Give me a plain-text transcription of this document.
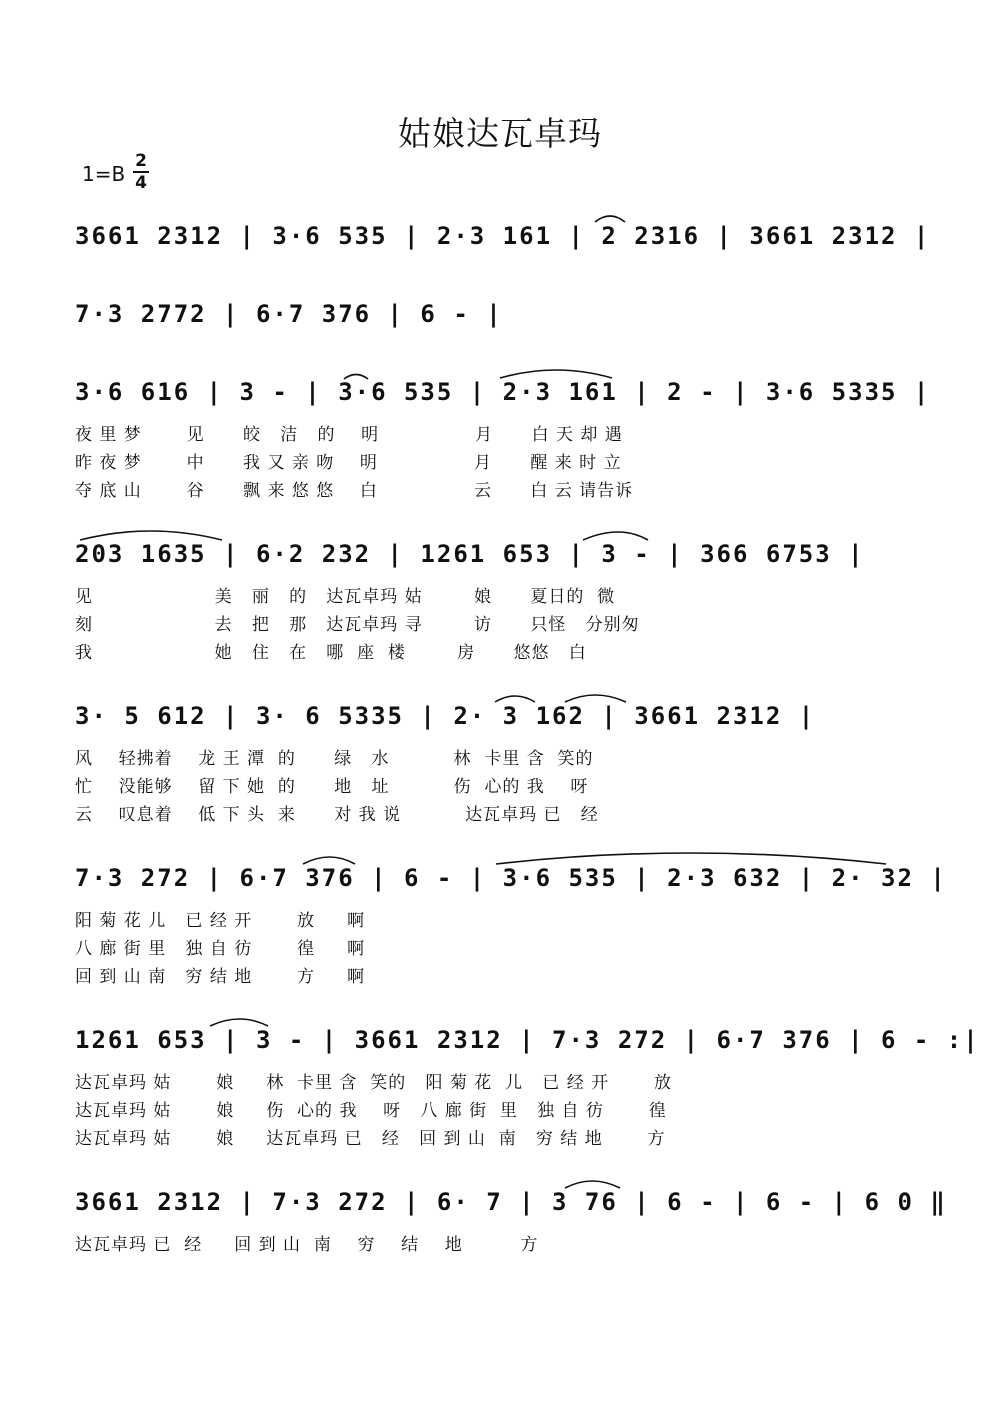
姑娘达瓦卓玛
1=B
2
4
3661 2312 | 3·6 535 | 2·3 161 | 2 2316 | 3661 2312 |
7·3 2772 | 6·7 376 | 6 - |
3·6 616 | 3 - | 3·6 535 | 2·3 161 | 2 - | 3·6 5335 |
夜 里 梦       见      皎   洁   的    明               月      白 天 却 遇
昨 夜 梦       中      我 又 亲 吻    明               月      醒 来 时 立
夺 底 山       谷      飘 来 悠 悠    白               云      白 云 请告诉
203 1635 | 6·2 232 | 1261 653 | 3 - | 366 6753 |
见                   美   丽   的   达瓦卓玛 姑        娘      夏日的  微
刻                   去   把   那   达瓦卓玛 寻        访      只怪   分别匆
我                   她   住   在   哪  座  楼        房      悠悠   白
3· 5 612 | 3· 6 5335 | 2· 3 162 | 3661 2312 |
风    轻拂着    龙 王 潭  的      绿   水          林  卡里 含  笑的
忙    没能够    留 下 她  的      地   址          伤  心的 我    呀
云    叹息着    低 下 头  来      对 我 说          达瓦卓玛 已   经
7·3 272 | 6·7 376 | 6 - | 3·6 535 | 2·3 632 | 2· 32 |
阳 菊 花 儿   已 经 开       放     啊
八 廊 街 里   独 自 彷       徨     啊
回 到 山 南   穷 结 地       方     啊
1261 653 | 3 - | 3661 2312 | 7·3 272 | 6·7 376 | 6 - :|
达瓦卓玛 姑       娘     林  卡里 含  笑的   阳 菊 花  儿   已 经 开       放
达瓦卓玛 姑       娘     伤  心的 我    呀   八 廊 街  里   独 自 彷       徨
达瓦卓玛 姑       娘     达瓦卓玛 已   经   回 到 山  南   穷 结 地       方
3661 2312 | 7·3 272 | 6· 7 | 3 76 | 6 - | 6 - | 6 0 ‖
达瓦卓玛 已  经     回 到 山  南    穷    结    地         方
